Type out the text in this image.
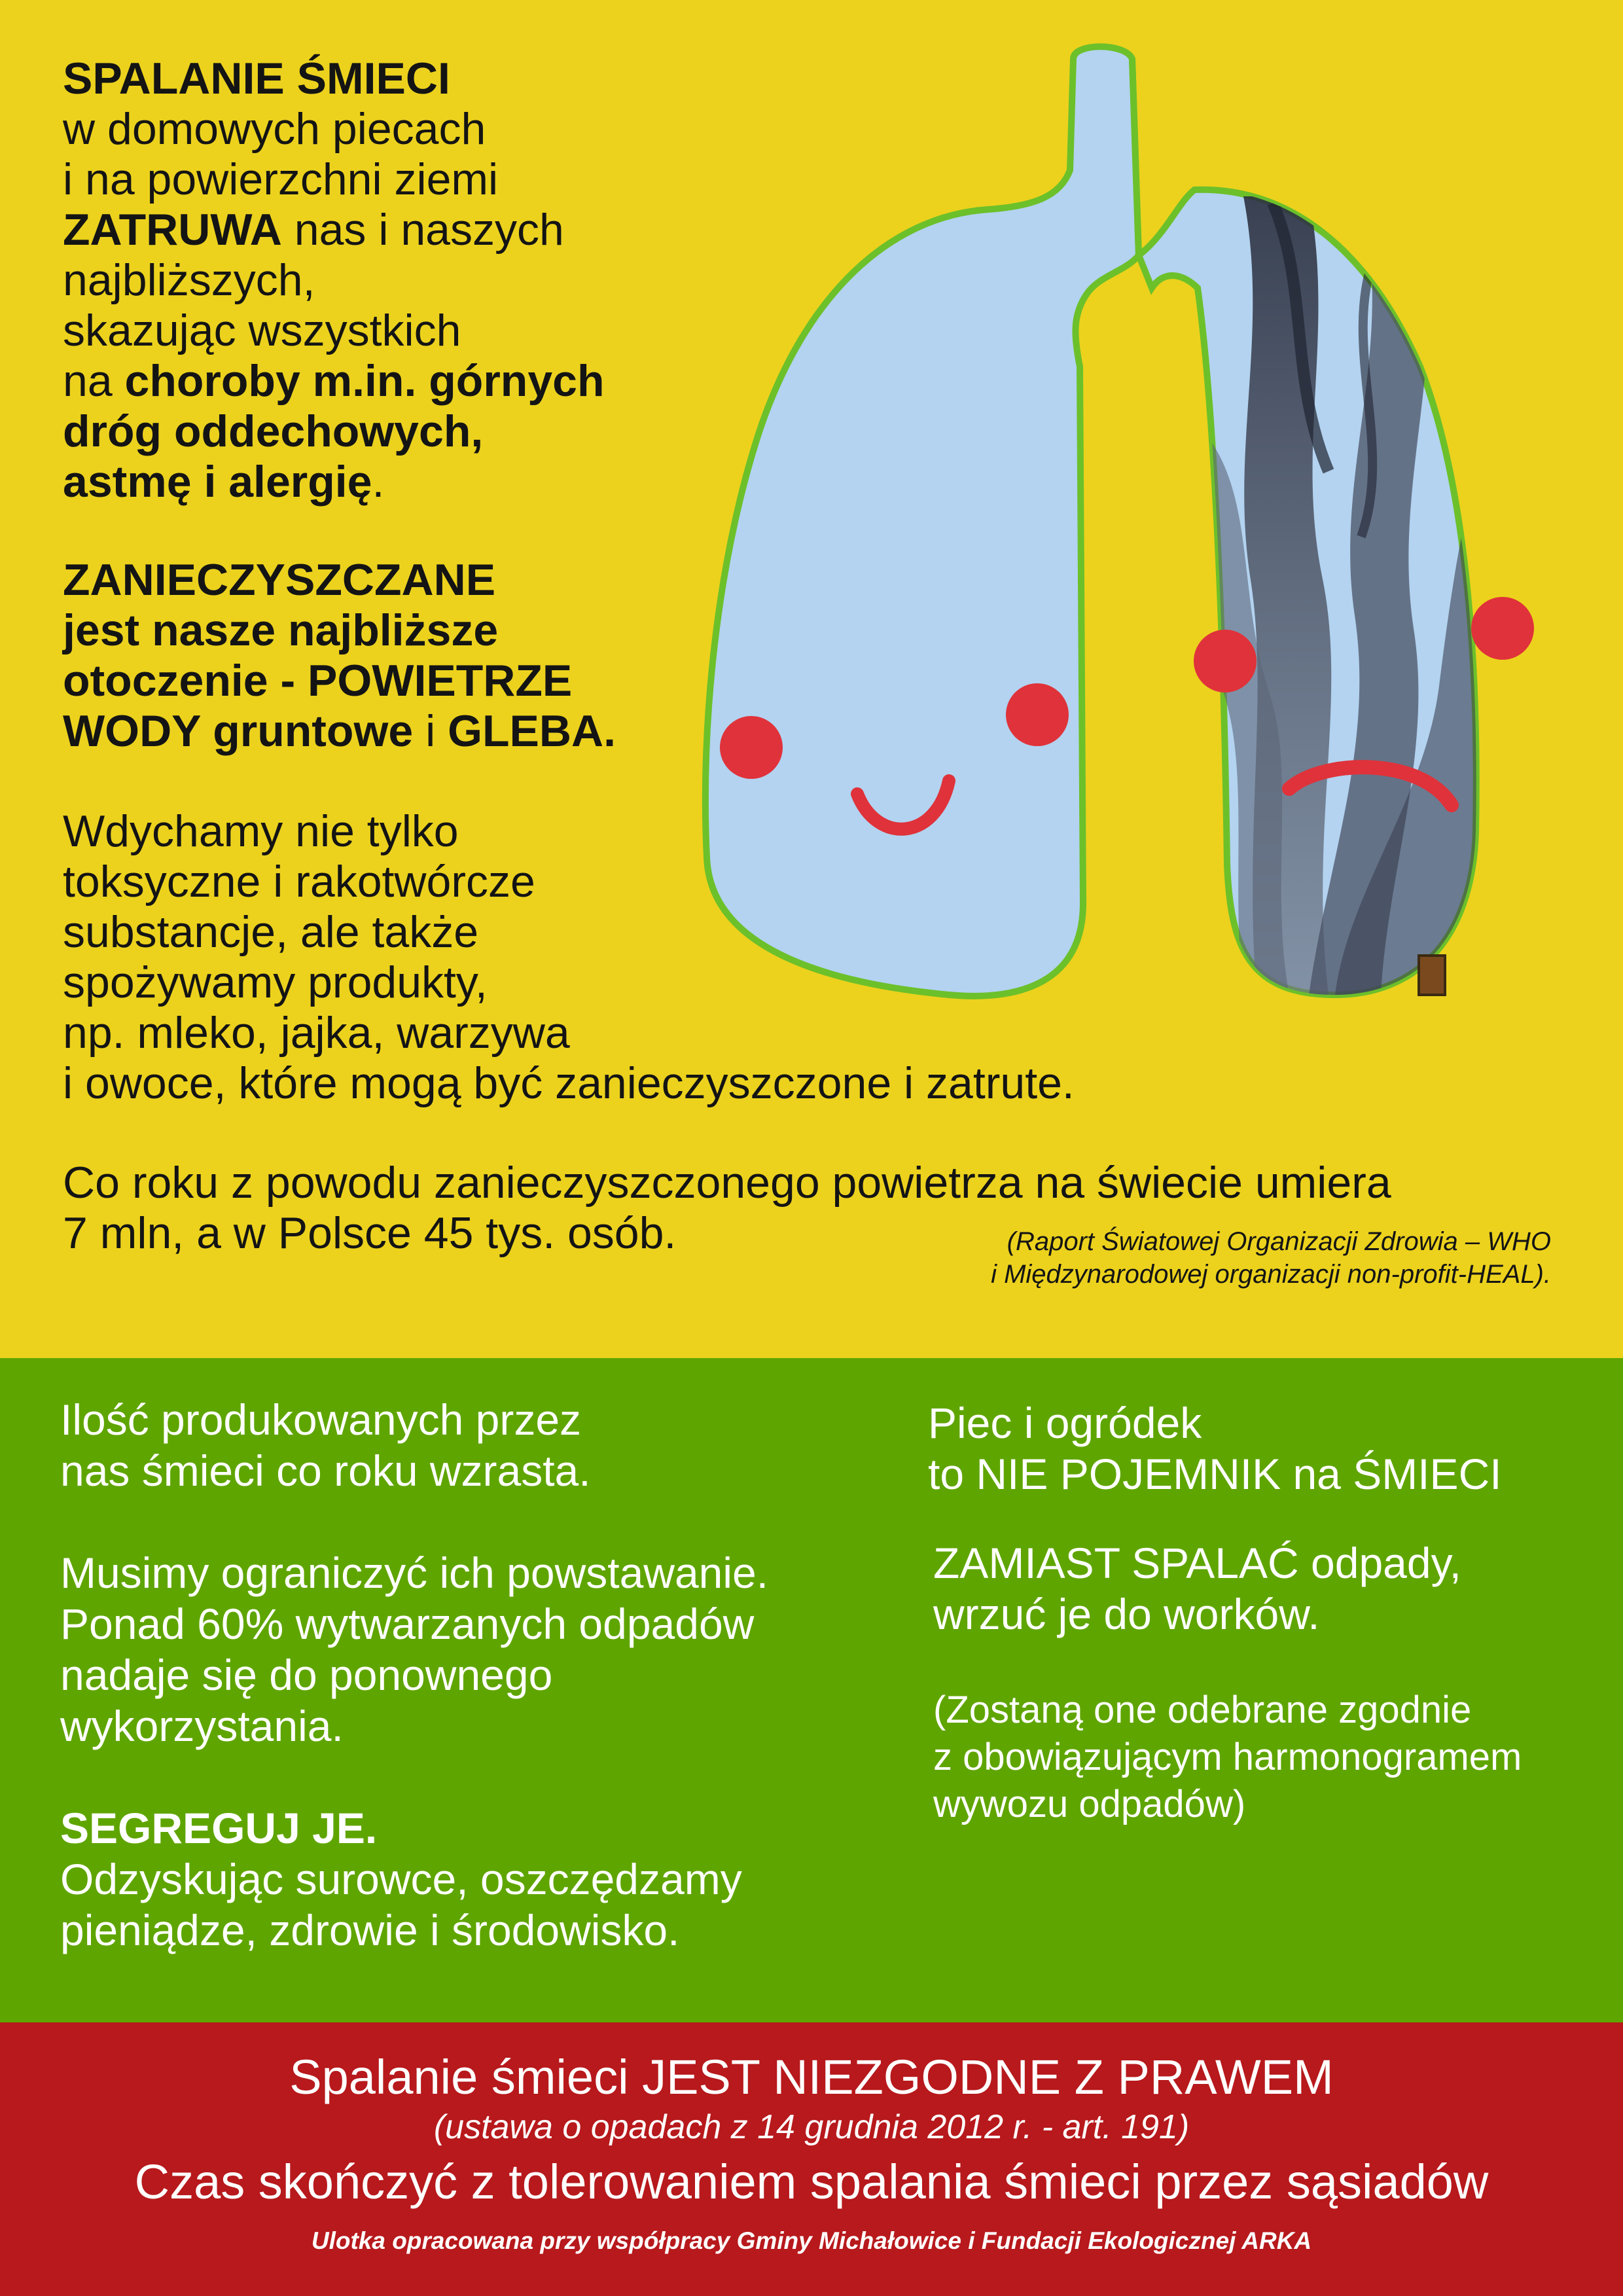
SPALANIE ŚMIECI

w domowych piecach

i na powierzchni ziemi

ZATRUWA nas i naszych

najbliższych,

skazując wszystkich

na choroby m.in. górnych

dróg oddechowych,

astmę i alergię.

ZANIECZYSZCZANE

jest nasze najbliższe

otoczenie - POWIETRZE

WODY gruntowe i GLEBA.

Wdychamy nie tylko

toksyczne i rakotwórcze

substancje, ale także

spożywamy produkty,

np. mleko, jajka, warzywa

i owoce, które mogą być zanieczyszczone i zatrute.

Co roku z powodu zanieczyszczonego powietrza na świecie umiera

7 mln, a w Polsce 45 tys. osób.	(Raport Światowej Organizacji Zdrowia – WHO
i Międzynarodowej organizacji non-profit-HEAL).

Ilość produkowanych przez

nas śmieci co roku wzrasta.

Musimy ograniczyć ich powstawanie.

Ponad 60% wytwarzanych odpadów

nadaje się do ponownego

wykorzystania.

SEGREGUJ JE.

Odzyskując surowce, oszczędzamy

pieniądze, zdrowie i środowisko.

Piec i ogródek

to NIE POJEMNIK na ŚMIECI

ZAMIAST SPALAĆ odpady,

wrzuć je do worków.

(Zostaną one odebrane zgodnie

z obowiązującym harmonogramem

wywozu odpadów)

Spalanie śmieci JEST NIEZGODNE Z PRAWEM
(ustawa o opadach z 14 grudnia 2012 r. - art. 191)
Czas skończyć z tolerowaniem spalania śmieci przez sąsiadów
Ulotka opracowana przy współpracy Gminy Michałowice i Fundacji Ekologicznej ARKA
